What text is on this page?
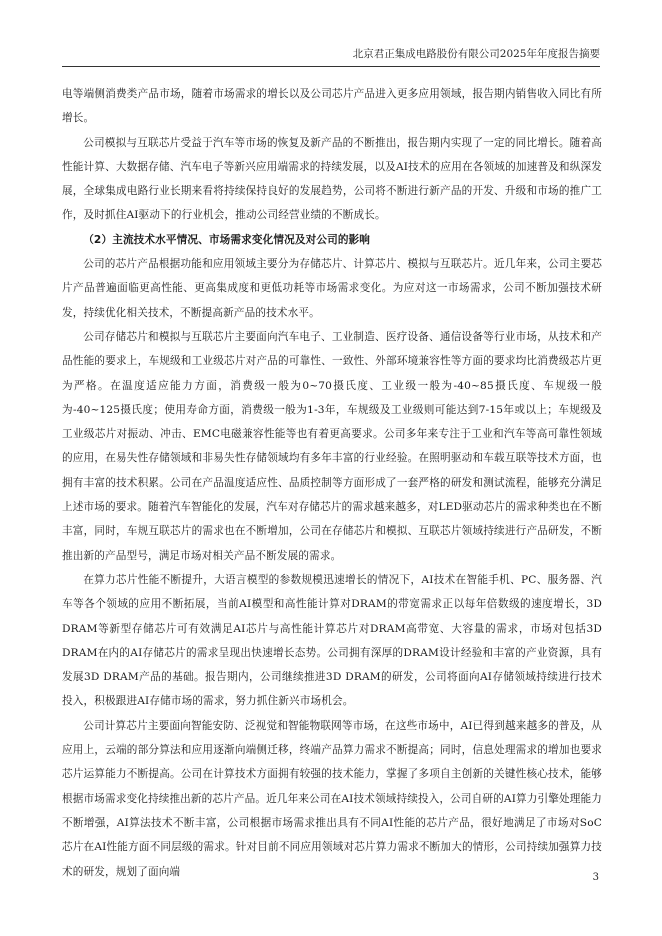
北京君正集成电路股份有限公司2025年年度报告摘要

电等端侧消费类产品市场，随着市场需求的增长以及公司芯片产品进入更多应用领域，报告期内销售收入同比有所增长。

公司模拟与互联芯片受益于汽车等市场的恢复及新产品的不断推出，报告期内实现了一定的同比增长。随着高性能计算、大数据存储、汽车电子等新兴应用端需求的持续发展，以及AI技术的应用在各领域的加速普及和纵深发展，全球集成电路行业长期来看将持续保持良好的发展趋势，公司将不断进行新产品的开发、升级和市场的推广工作，及时抓住AI驱动下的行业机会，推动公司经营业绩的不断成长。

（2）主流技术水平情况、市场需求变化情况及对公司的影响

公司的芯片产品根据功能和应用领域主要分为存储芯片、计算芯片、模拟与互联芯片。近几年来，公司主要芯片产品普遍面临更高性能、更高集成度和更低功耗等市场需求变化。为应对这一市场需求，公司不断加强技术研发，持续优化相关技术，不断提高新产品的技术水平。

公司存储芯片和模拟与互联芯片主要面向汽车电子、工业制造、医疗设备、通信设备等行业市场，从技术和产品性能的要求上，车规级和工业级芯片对产品的可靠性、一致性、外部环境兼容性等方面的要求均比消费级芯片更为严格。在温度适应能力方面，消费级一般为0~70摄氏度、工业级一般为-40~85摄氏度、车规级一般为-40~125摄氏度；使用寿命方面，消费级一般为1-3年，车规级及工业级则可能达到7-15年或以上；车规级及工业级芯片对振动、冲击、EMC电磁兼容性能等也有着更高要求。公司多年来专注于工业和汽车等高可靠性领域的应用，在易失性存储领域和非易失性存储领域均有多年丰富的行业经验。在照明驱动和车载互联等技术方面，也拥有丰富的技术积累。公司在产品温度适应性、品质控制等方面形成了一套严格的研发和测试流程，能够充分满足上述市场的要求。随着汽车智能化的发展，汽车对存储芯片的需求越来越多，对LED驱动芯片的需求种类也在不断丰富，同时，车规互联芯片的需求也在不断增加，公司在存储芯片和模拟、互联芯片领域持续进行产品研发，不断推出新的产品型号，满足市场对相关产品不断发展的需求。

在算力芯片性能不断提升，大语言模型的参数规模迅速增长的情况下，AI技术在智能手机、PC、服务器、汽车等各个领域的应用不断拓展，当前AI模型和高性能计算对DRAM的带宽需求正以每年倍数级的速度增长，3D DRAM等新型存储芯片可有效满足AI芯片与高性能计算芯片对DRAM高带宽、大容量的需求，市场对包括3D DRAM在内的AI存储芯片的需求呈现出快速增长态势。公司拥有深厚的DRAM设计经验和丰富的产业资源，具有发展3D DRAM产品的基础。报告期内，公司继续推进3D DRAM的研发，公司将面向AI存储领域持续进行技术投入，积极跟进AI存储市场的需求，努力抓住新兴市场机会。

公司计算芯片主要面向智能安防、泛视觉和智能物联网等市场，在这些市场中，AI已得到越来越多的普及，从应用上，云端的部分算法和应用逐渐向端侧迁移，终端产品算力需求不断提高；同时，信息处理需求的增加也要求芯片运算能力不断提高。公司在计算技术方面拥有较强的技术能力，掌握了多项自主创新的关键性核心技术，能够根据市场需求变化持续推出新的芯片产品。近几年来公司在AI技术领域持续投入，公司自研的AI算力引擎处理能力不断增强，AI算法技术不断丰富，公司根据市场需求推出具有不同AI性能的芯片产品，很好地满足了市场对SoC芯片在AI性能方面不同层级的需求。针对目前不同应用领域对芯片算力需求不断加大的情形，公司持续加强算力技术的研发，规划了面向端	3
